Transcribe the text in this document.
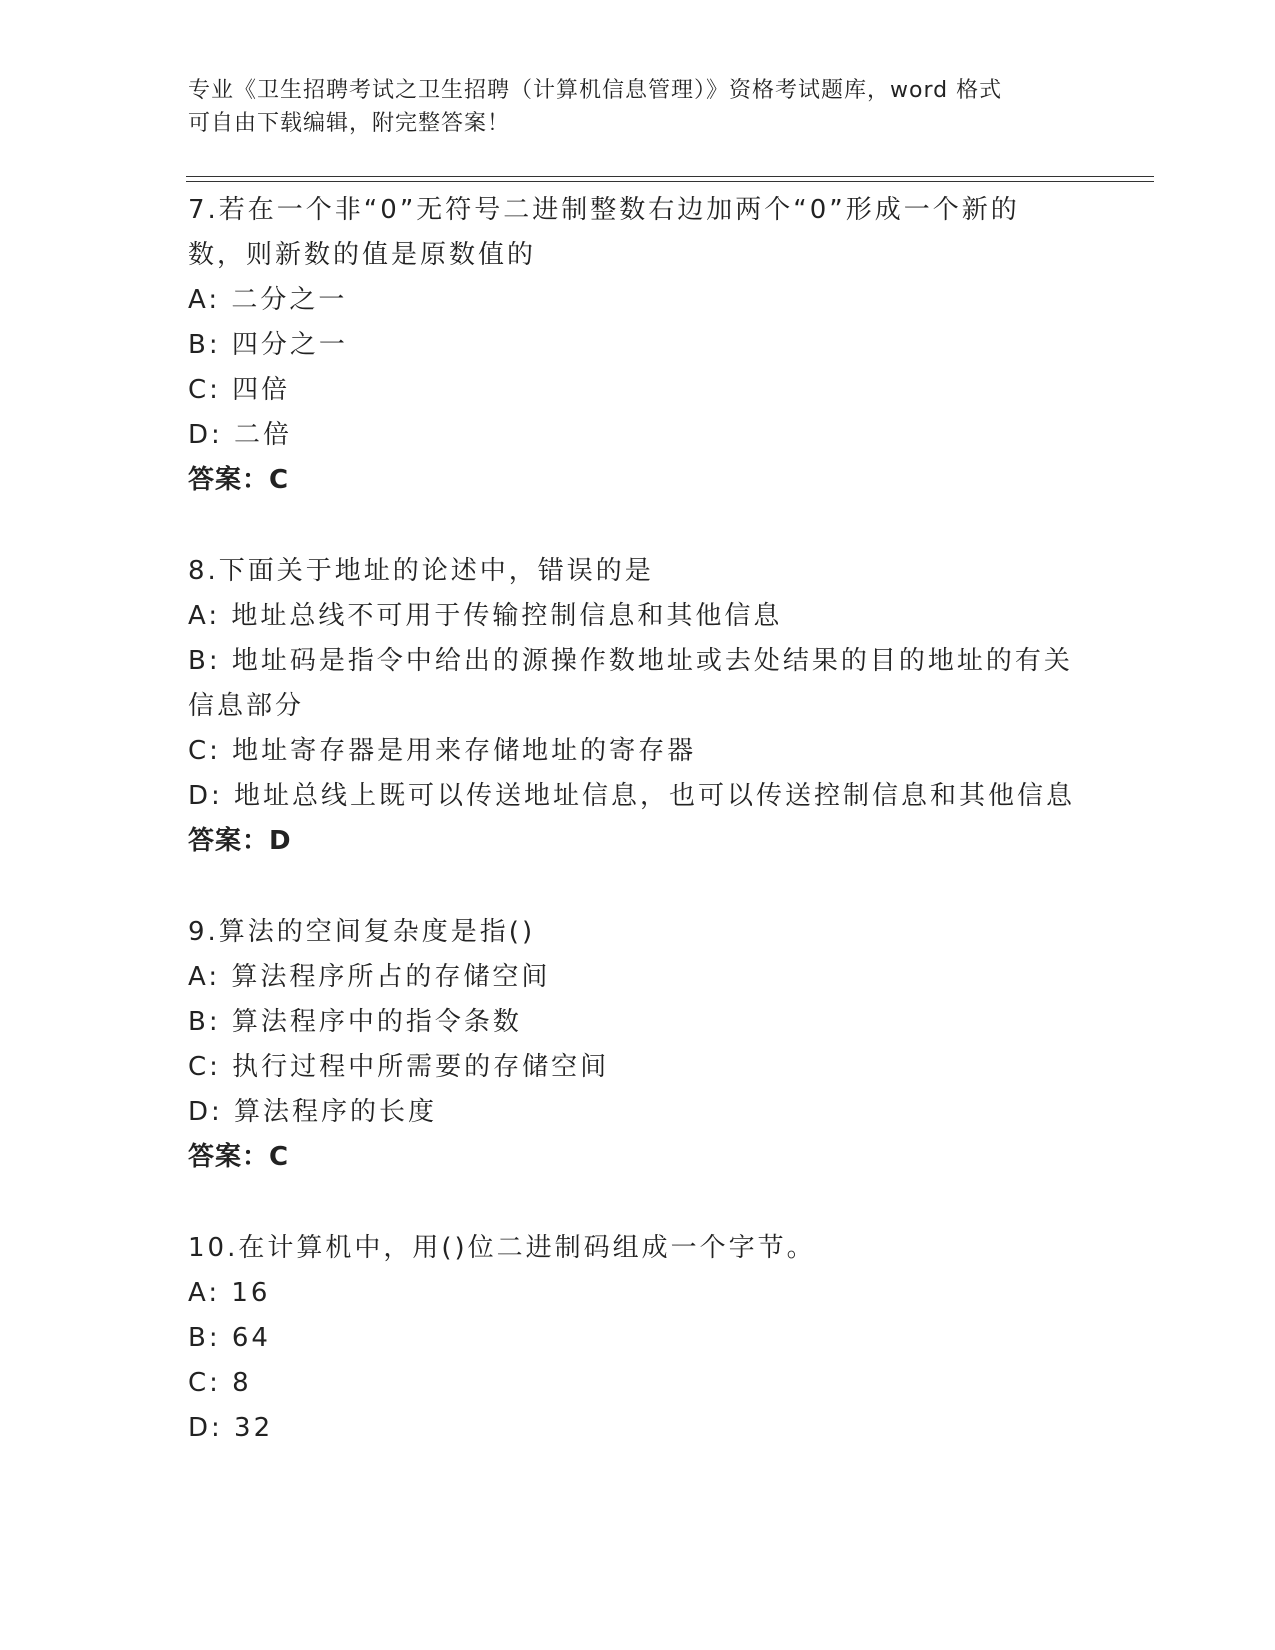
专业《卫生招聘考试之卫生招聘（计算机信息管理）》资格考试题库，word 格式
可自由下载编辑，附完整答案！
7.若在一个非“0”无符号二进制整数右边加两个“0”形成一个新的
数，则新数的值是原数值的
A: 二分之一
B: 四分之一
C: 四倍
D: 二倍
答案：C
8.下面关于地址的论述中，错误的是
A: 地址总线不可用于传输控制信息和其他信息
B: 地址码是指令中给出的源操作数地址或去处结果的目的地址的有关
信息部分
C: 地址寄存器是用来存储地址的寄存器
D: 地址总线上既可以传送地址信息，也可以传送控制信息和其他信息
答案：D
9.算法的空间复杂度是指()
A: 算法程序所占的存储空间
B: 算法程序中的指令条数
C: 执行过程中所需要的存储空间
D: 算法程序的长度
答案：C
10.在计算机中，用()位二进制码组成一个字节。
A: 16
B: 64
C: 8
D: 32
